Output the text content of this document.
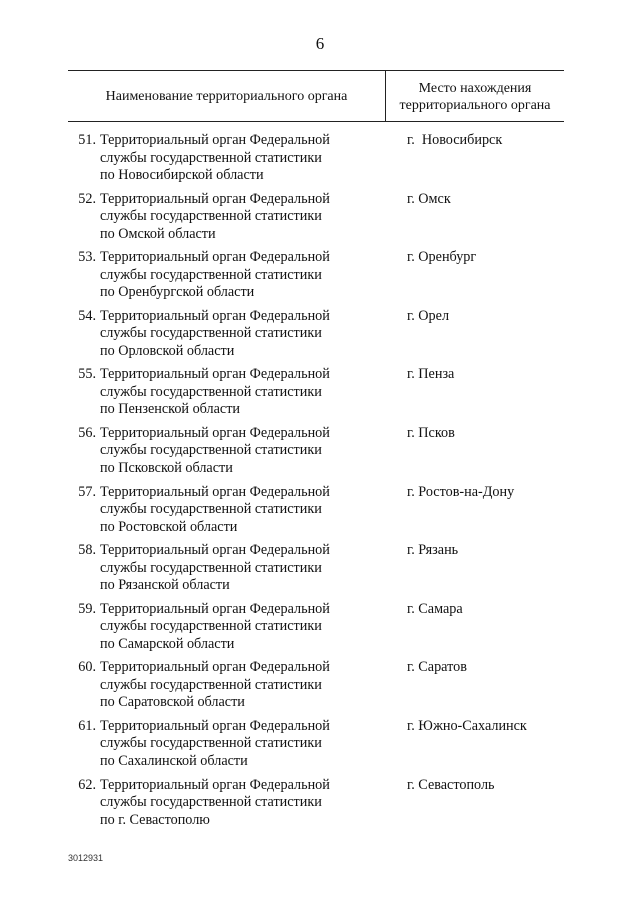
6
Наименование территориального органа
Место нахождения
территориального органа
51. Территориальный орган Федеральной
службы государственной статистики
по Новосибирской области
г.  Новосибирск
52. Территориальный орган Федеральной
службы государственной статистики
по Омской области
г. Омск
53. Территориальный орган Федеральной
службы государственной статистики
по Оренбургской области
г. Оренбург
54. Территориальный орган Федеральной
службы государственной статистики
по Орловской области
г. Орел
55. Территориальный орган Федеральной
службы государственной статистики
по Пензенской области
г. Пенза
56. Территориальный орган Федеральной
службы государственной статистики
по Псковской области
г. Псков
57. Территориальный орган Федеральной
службы государственной статистики
по Ростовской области
г. Ростов-на-Дону
58. Территориальный орган Федеральной
службы государственной статистики
по Рязанской области
г. Рязань
59. Территориальный орган Федеральной
службы государственной статистики
по Самарской области
г. Самара
60. Территориальный орган Федеральной
службы государственной статистики
по Саратовской области
г. Саратов
61. Территориальный орган Федеральной
службы государственной статистики
по Сахалинской области
г. Южно-Сахалинск
62. Территориальный орган Федеральной
службы государственной статистики
по г. Севастополю
г. Севастополь
3012931
